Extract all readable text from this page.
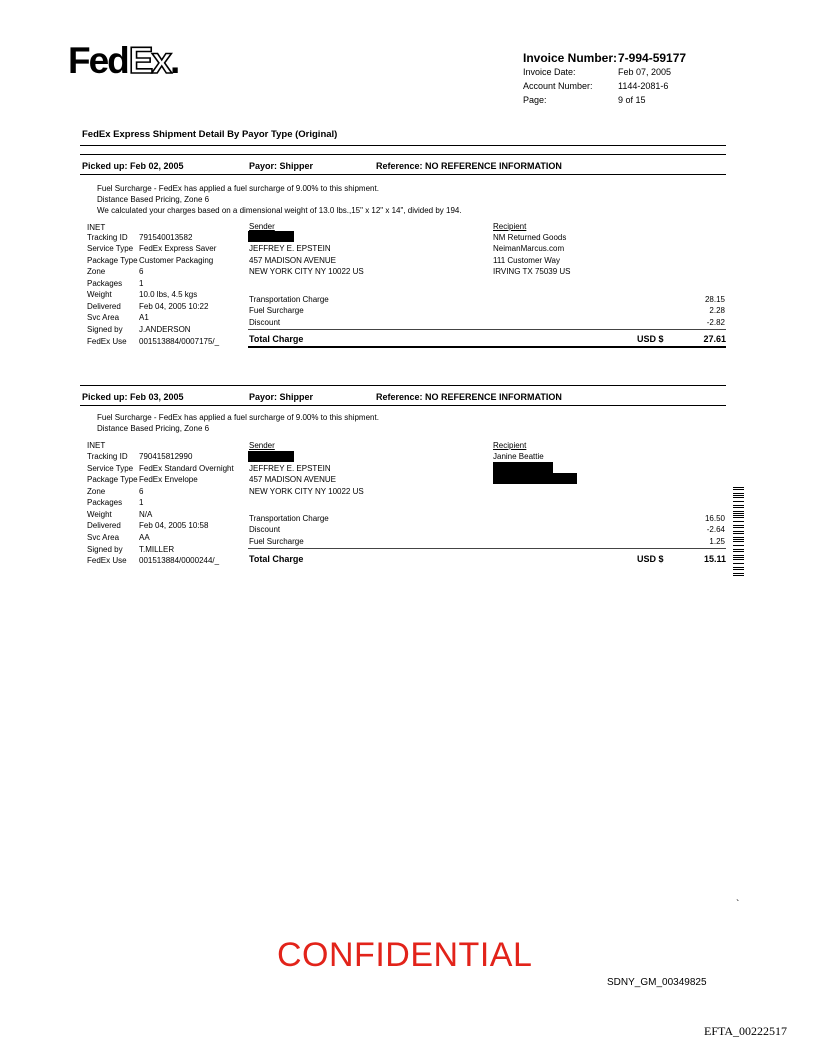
FedEx.	Invoice Number: 7-994-59177
Invoice Date:	Feb 07, 2005
Account Number:	1144-2081-6
Page:	9 of 15
FedEx Express Shipment Detail By Payor Type (Original)
Picked up: Feb 02, 2005	Payor: Shipper	Reference: NO REFERENCE INFORMATION
Fuel Surcharge - FedEx has applied a fuel surcharge of 9.00% to this shipment.
Distance Based Pricing, Zone 6
We calculated your charges based on a dimensional weight of 13.0 lbs.,15" x 12" x 14", divided by 194.
INET
Tracking ID 791540013582
Service Type FedEx Express Saver
Package Type Customer Packaging
Zone	6
Packages 1
Weight	10.0 lbs, 4.5 kgs
Delivered Feb 04, 2005 10:22
Svc Area A1
Signed by J.ANDERSON
FedEx Use 001513884/0007175/_
Sender
JEFFREY E. EPSTEIN
457 MADISON AVENUE
NEW YORK CITY NY 10022 US
Recipient
NM Returned Goods
NeimanMarcus.com
111 Customer Way
IRVING TX 75039 US
Transportation Charge	28.15
Fuel Surcharge	2.28
Discount	-2.82
Total Charge	USD $	27.61
Picked up: Feb 03, 2005	Payor: Shipper	Reference: NO REFERENCE INFORMATION
Fuel Surcharge - FedEx has applied a fuel surcharge of 9.00% to this shipment.
Distance Based Pricing, Zone 6
INET
Tracking ID 790415812990
Service Type FedEx Standard Overnight
Package Type FedEx Envelope
Zone	6
Packages 1
Weight	N/A
Delivered Feb 04, 2005 10:58
Svc Area AA
Signed by T.MILLER
FedEx Use 001513884/0000244/_
Sender
JEFFREY E. EPSTEIN
457 MADISON AVENUE
NEW YORK CITY NY 10022 US
Recipient
Janine Beattie
Transportation Charge	16.50
Discount	-2.64
Fuel Surcharge	1.25
Total Charge	USD $	15.11
`
CONFIDENTIAL
SDNY_GM_00349825
EFTA_00222517
